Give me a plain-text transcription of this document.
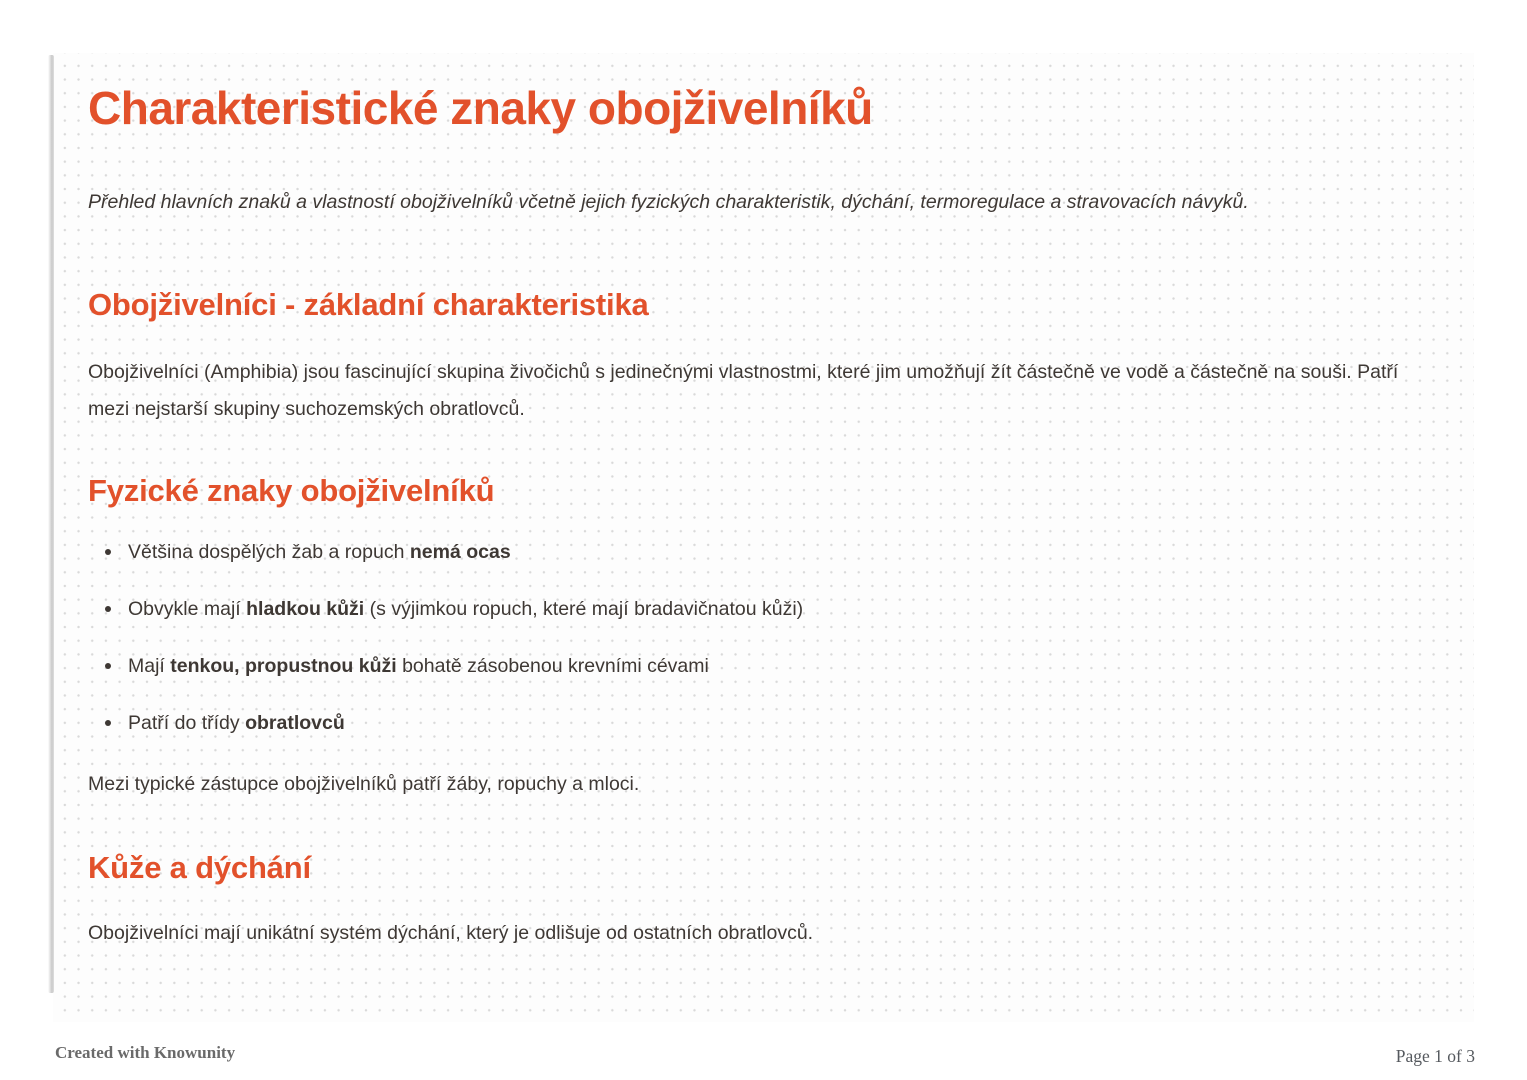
Charakteristické znaky obojživelníků

Přehled hlavních znaků a vlastností obojživelníků včetně jejich fyzických charakteristik, dýchání, termoregulace a stravovacích návyků.

Obojživelníci - základní charakteristika

Obojživelníci (Amphibia) jsou fascinující skupina živočichů s jedinečnými vlastnostmi, které jim umožňují žít částečně ve vodě a částečně na souši. Patří mezi nejstarší skupiny suchozemských obratlovců.

Fyzické znaky obojživelníků
Většina dospělých žab a ropuch nemá ocas
Obvykle mají hladkou kůži (s výjimkou ropuch, které mají bradavičnatou kůži)
Mají tenkou, propustnou kůži bohatě zásobenou krevními cévami
Patří do třídy obratlovců

Mezi typické zástupce obojživelníků patří žáby, ropuchy a mloci.

Kůže a dýchání

Obojživelníci mají unikátní systém dýchání, který je odlišuje od ostatních obratlovců.

Created with Knowunity	Page 1 of 3
